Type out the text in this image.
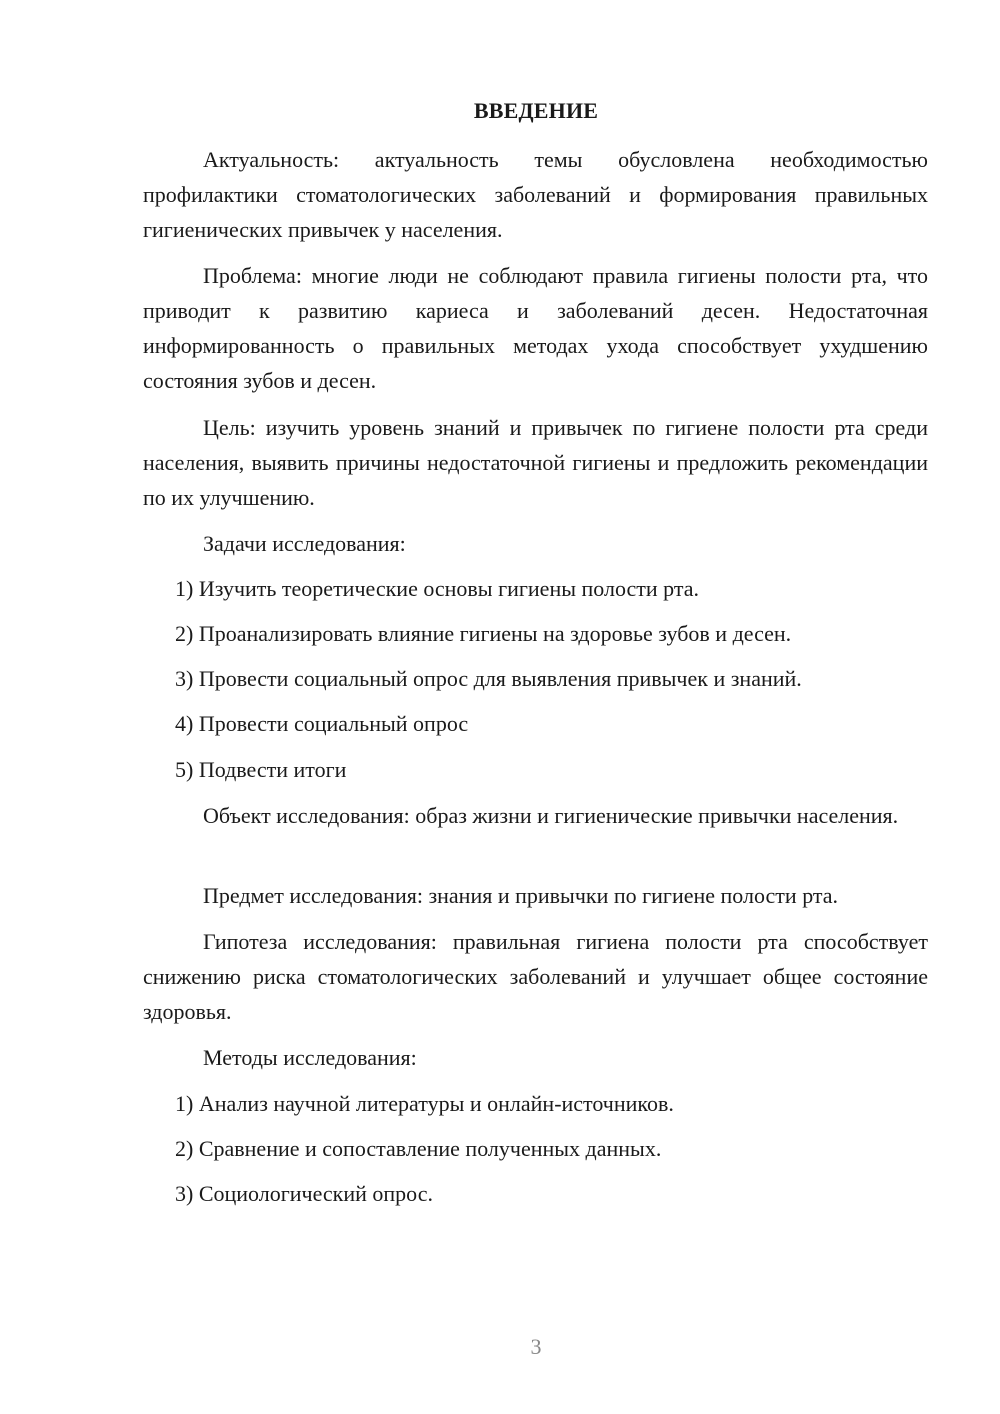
ВВЕДЕНИЕ

Актуальность: актуальность темы обусловлена необходимостью профилактики стоматологических заболеваний и формирования правильных гигиенических привычек у населения.

Проблема: многие люди не соблюдают правила гигиены полости рта, что приводит к развитию кариеса и заболеваний десен. Недостаточная информированность о правильных методах ухода способствует ухудшению состояния зубов и десен.

Цель: изучить уровень знаний и привычек по гигиене полости рта среди населения, выявить причины недостаточной гигиены и предложить рекомендации по их улучшению.

Задачи исследования:

1) Изучить теоретические основы гигиены полости рта.

2) Проанализировать влияние гигиены на здоровье зубов и десен.

3) Провести социальный опрос для выявления привычек и знаний.

4) Провести социальный опрос

5) Подвести итоги

Объект исследования: образ жизни и гигиенические привычки населения.

Предмет исследования: знания и привычки по гигиене полости рта.

Гипотеза исследования: правильная гигиена полости рта способствует снижению риска стоматологических заболеваний и улучшает общее состояние здоровья.

Методы исследования:

1) Анализ научной литературы и онлайн-источников.

2) Сравнение и сопоставление полученных данных.

3) Социологический опрос.

3
